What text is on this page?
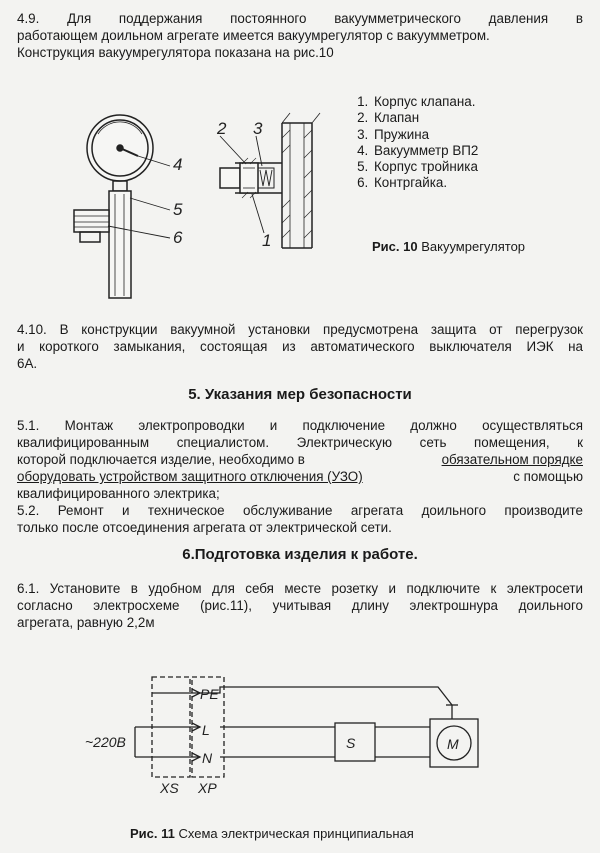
4.9. Для поддержания постоянного вакуумметрического давления в

работающем доильном агрегате имеется вакуумрегулятор с вакуумметром.

Конструкция вакуумрегулятора показана на рис.10

4
5
6
2 3
1
1. Корпус клапана.
2. Клапан
3. Пружина
4. Вакуумметр ВП2
5. Корпус тройника
6. Контргайка.
Рис. 10 Вакуумрегулятор

4.10. В конструкции вакуумной установки предусмотрена защита от перегрузок

и короткого замыкания, состоящая из автоматического выключателя ИЭК на

6А.

5. Указания мер безопасности

5.1. Монтаж электропроводки и подключение должно осуществляться

квалифицированным специалистом. Электрическую сеть помещения, к

которой подключается изделие, необходимо в	обязательном порядке

оборудовать устройством защитного отключения (УЗО)	с помощью

квалифицированного электрика;

5.2. Ремонт и техническое обслуживание агрегата доильного производите

только после отсоединения агрегата от электрической сети.

6.Подготовка изделия к работе.

6.1. Установите в удобном для себя месте розетку и подключите к электросети

согласно электросхеме (рис.11), учитывая длину электрошнура доильного

агрегата, равную 2,2м

~220В
PE
L
N
S	M
XS XP
Рис. 11 Схема электрическая принципиальная
